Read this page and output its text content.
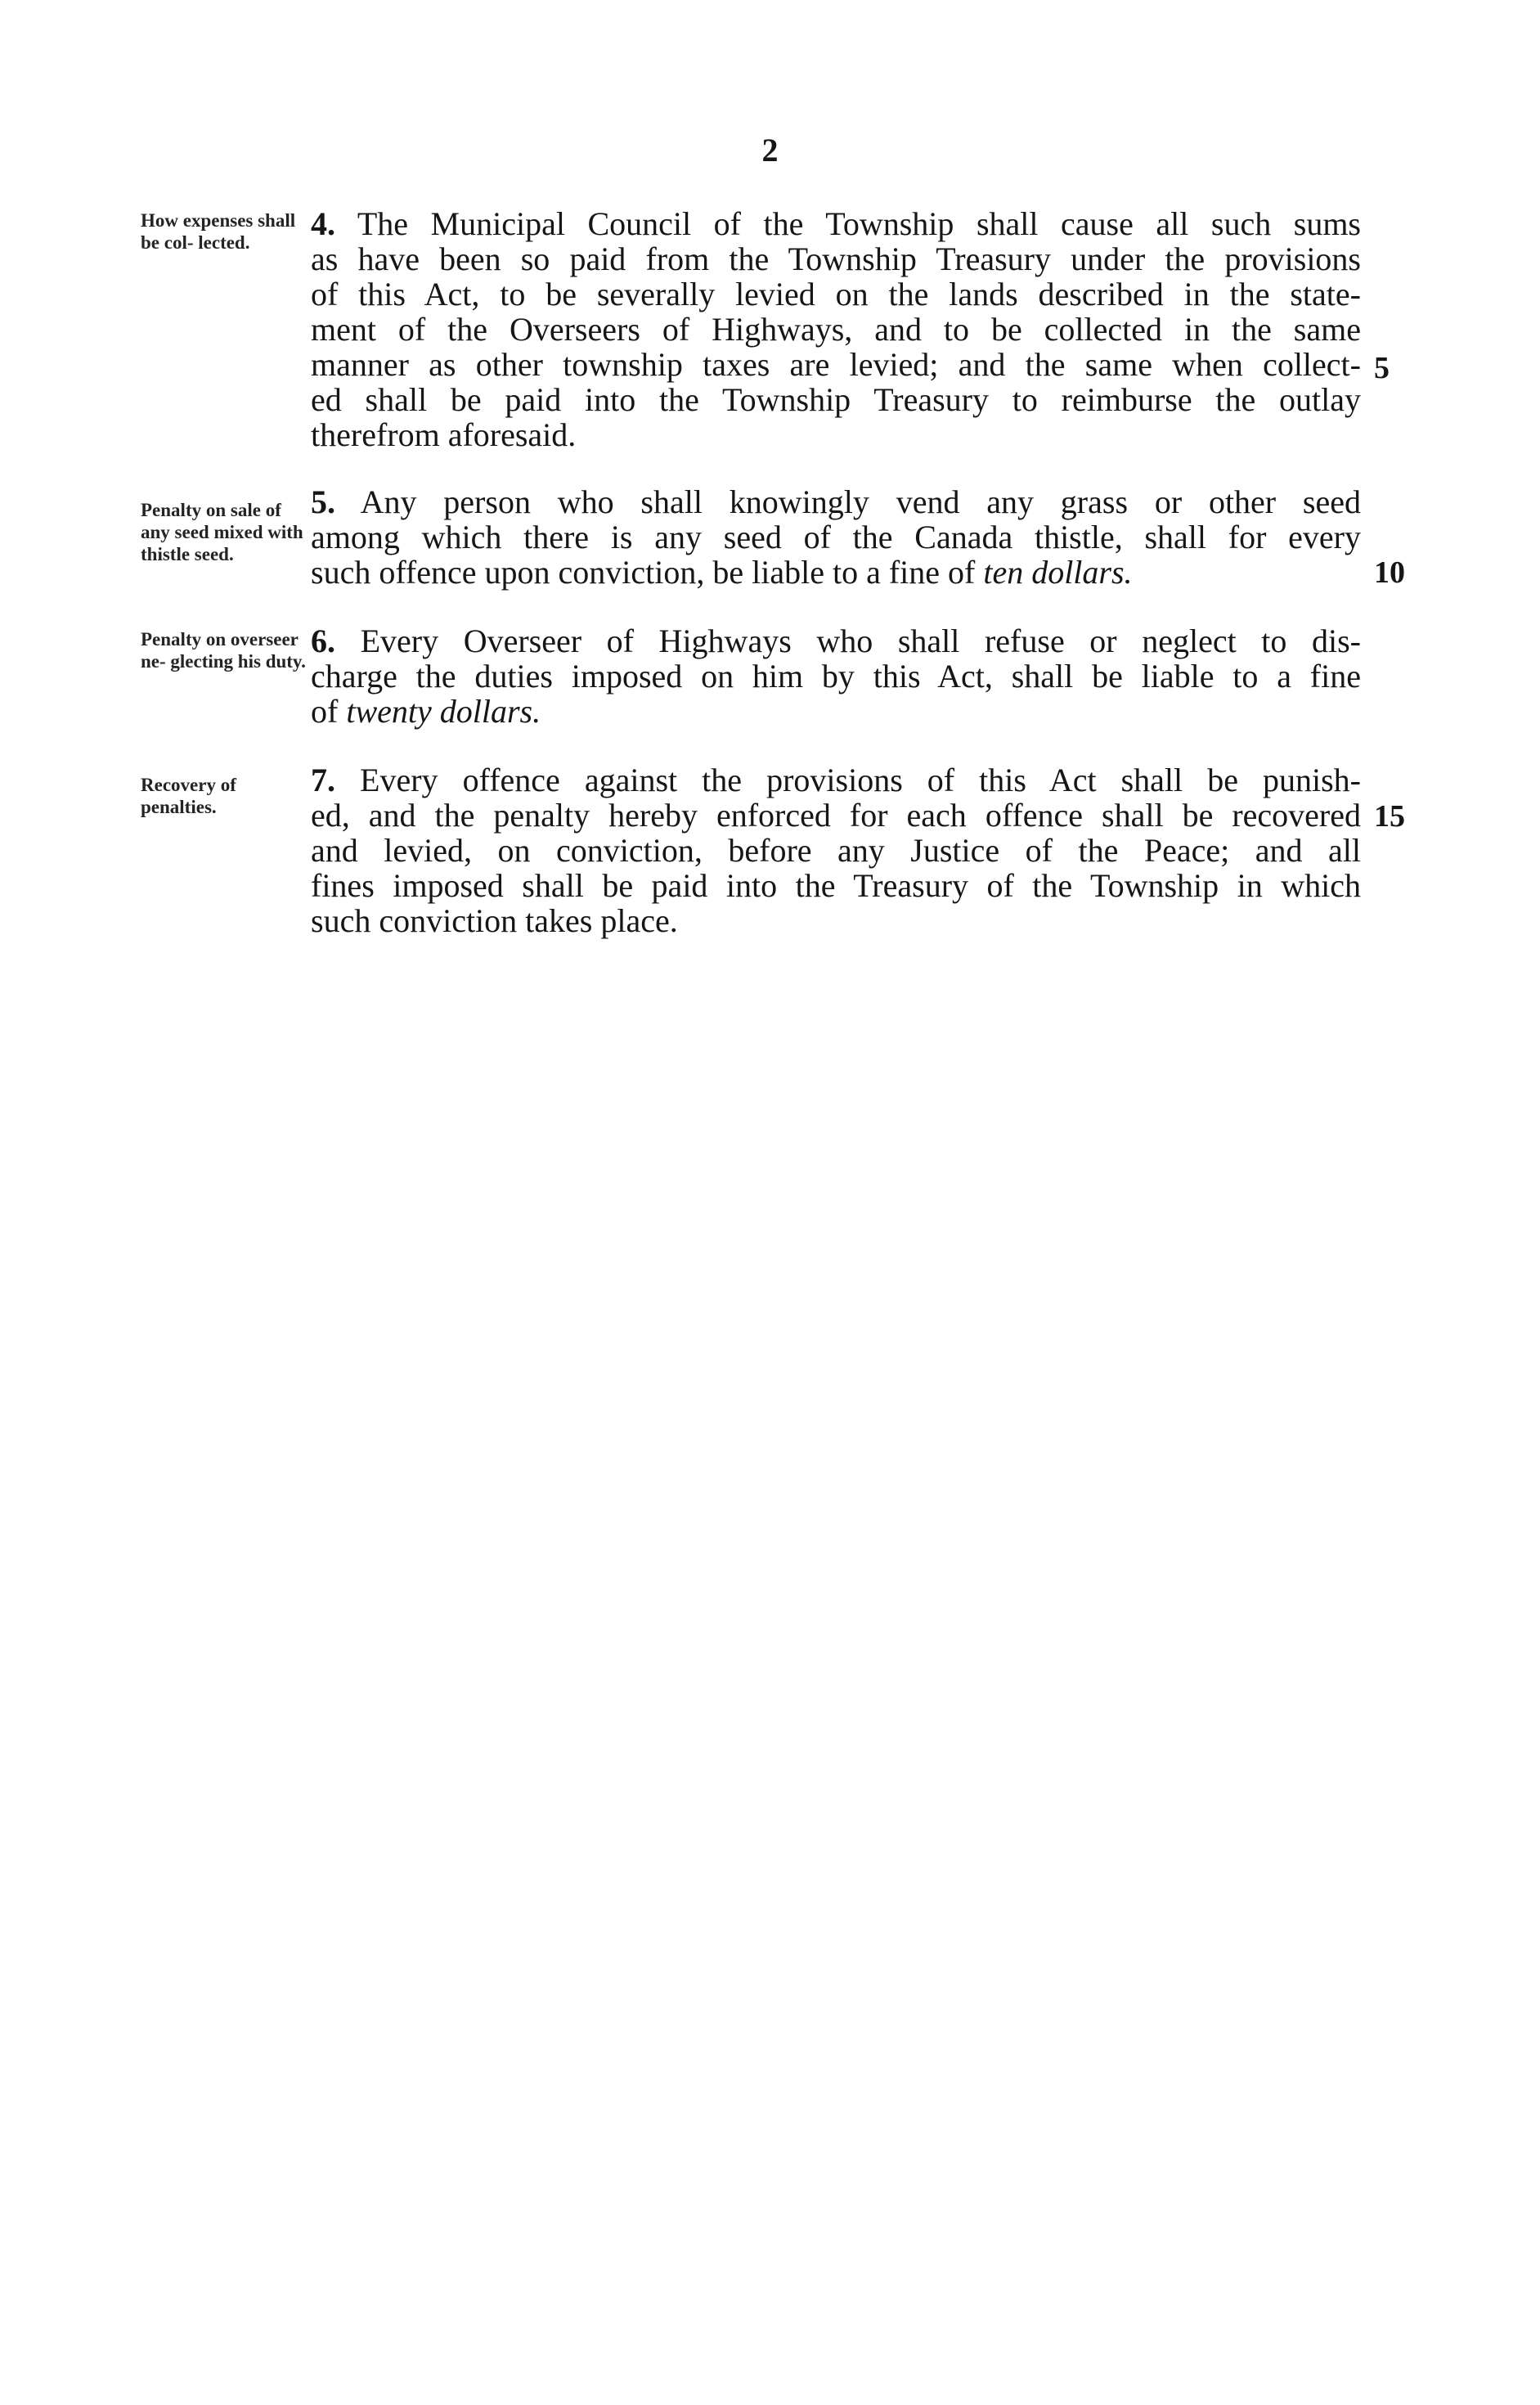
2

How expenses shall be col- lected.

4. The Municipal Council of the Township shall cause all such sums
as have been so paid from the Township Treasury under the provisions
of this Act, to be severally levied on the lands described in the state-
ment of the Overseers of Highways, and to be collected in the same
manner as other township taxes are levied; and the same when collect-
ed shall be paid into the Township Treasury to reimburse the outlay
therefrom aforesaid.

Penalty on sale of any seed mixed with thistle seed.

5. Any person who shall knowingly vend any grass or other seed
among which there is any seed of the Canada thistle, shall for every
such offence upon conviction, be liable to a fine of ten dollars.

Penalty on overseer ne- glecting his duty.

6. Every Overseer of Highways who shall refuse or neglect to dis-
charge the duties imposed on him by this Act, shall be liable to a fine
of twenty dollars.

Recovery of penalties.

7. Every offence against the provisions of this Act shall be punish-
ed, and the penalty hereby enforced for each offence shall be recovered
and levied, on conviction, before any Justice of the Peace; and all
fines imposed shall be paid into the Treasury of the Township in which
such conviction takes place.

5

10

15
